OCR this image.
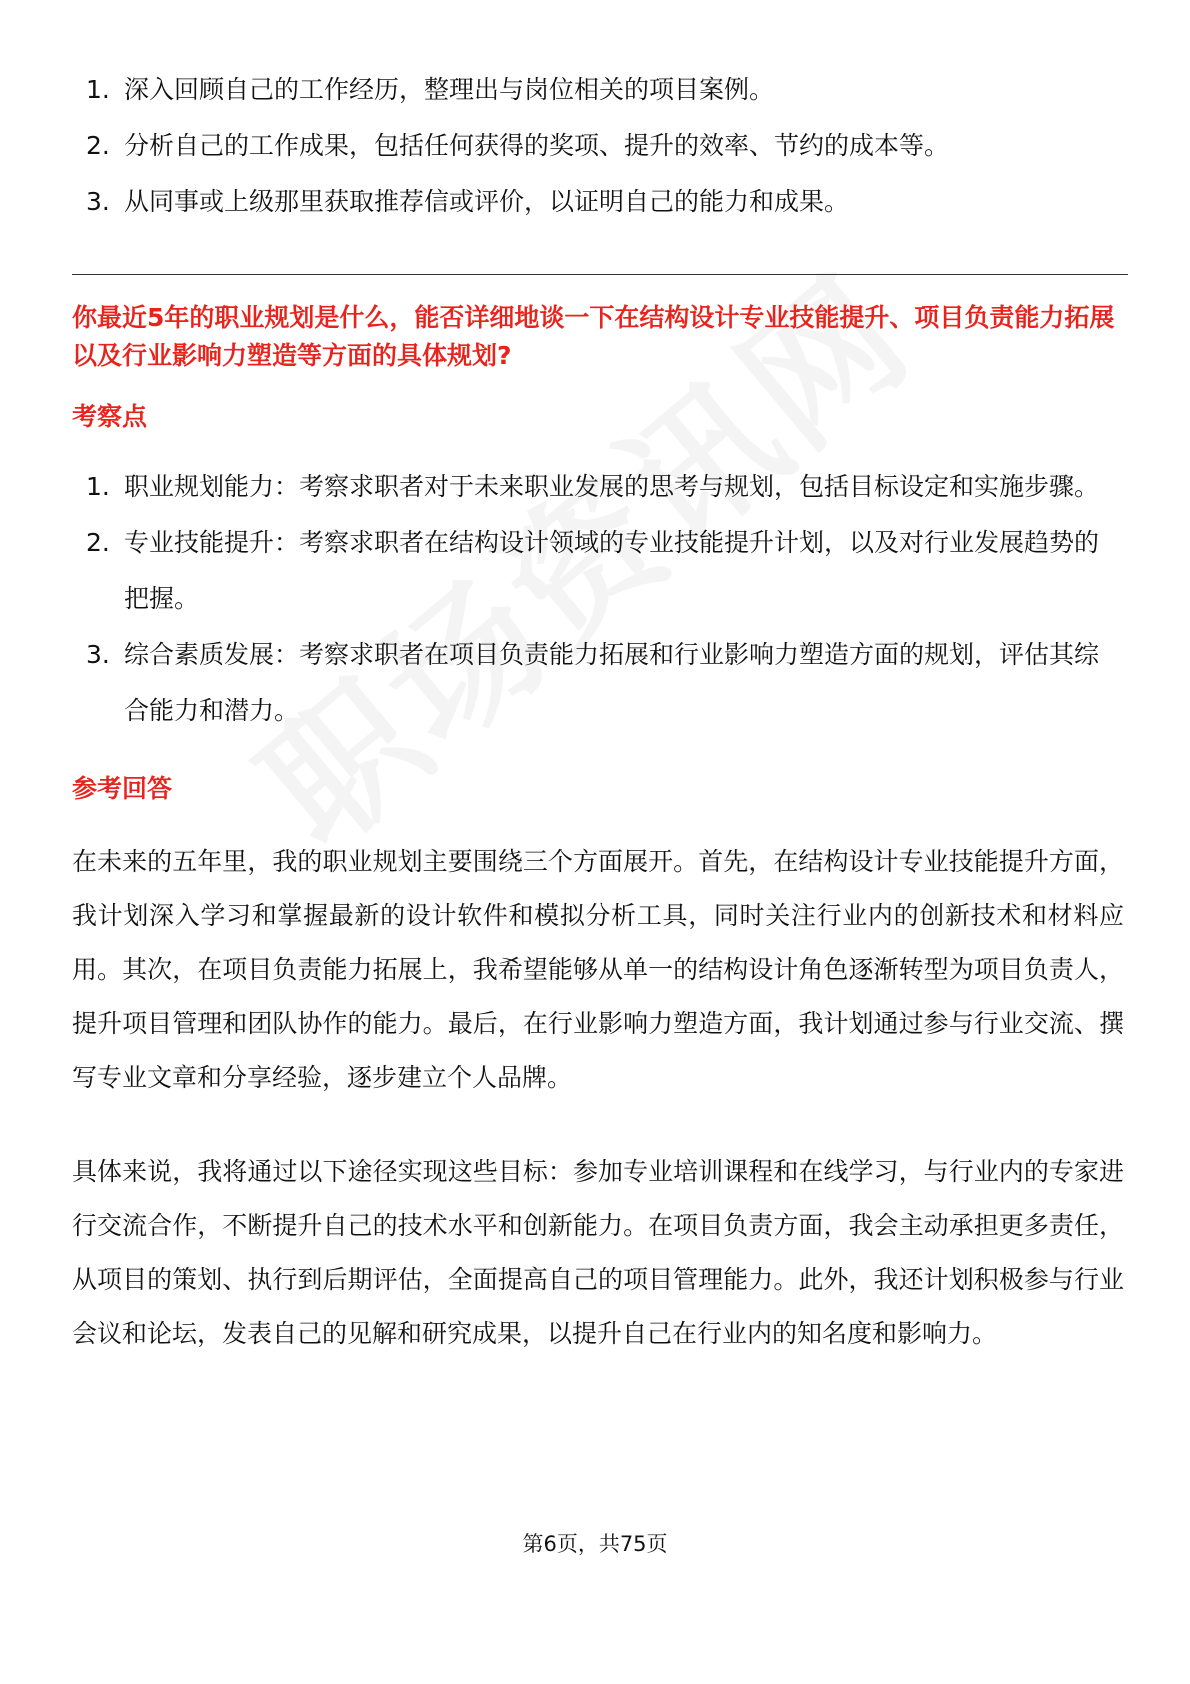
1. 深入回顾自己的工作经历，整理出与岗位相关的项目案例。
2. 分析自己的工作成果，包括任何获得的奖项、提升的效率、节约的成本等。
3. 从同事或上级那里获取推荐信或评价，以证明自己的能力和成果。
你最近5年的职业规划是什么，能否详细地谈一下在结构设计专业技能提升、项目负责能力拓展以及行业影响力塑造等方面的具体规划?
考察点
1. 职业规划能力：考察求职者对于未来职业发展的思考与规划，包括目标设定和实施步骤。
2. 专业技能提升：考察求职者在结构设计领域的专业技能提升计划，以及对行业发展趋势的把握。
3. 综合素质发展：考察求职者在项目负责能力拓展和行业影响力塑造方面的规划，评估其综合能力和潜力。
参考回答
在未来的五年里，我的职业规划主要围绕三个方面展开。首先，在结构设计专业技能提升方面，我计划深入学习和掌握最新的设计软件和模拟分析工具，同时关注行业内的创新技术和材料应用。其次，在项目负责能力拓展上，我希望能够从单一的结构设计角色逐渐转型为项目负责人，提升项目管理和团队协作的能力。最后，在行业影响力塑造方面，我计划通过参与行业交流、撰写专业文章和分享经验，逐步建立个人品牌。
具体来说，我将通过以下途径实现这些目标：参加专业培训课程和在线学习，与行业内的专家进行交流合作，不断提升自己的技术水平和创新能力。在项目负责方面，我会主动承担更多责任，从项目的策划、执行到后期评估，全面提高自己的项目管理能力。此外，我还计划积极参与行业会议和论坛，发表自己的见解和研究成果，以提升自己在行业内的知名度和影响力。
第6页，共75页
